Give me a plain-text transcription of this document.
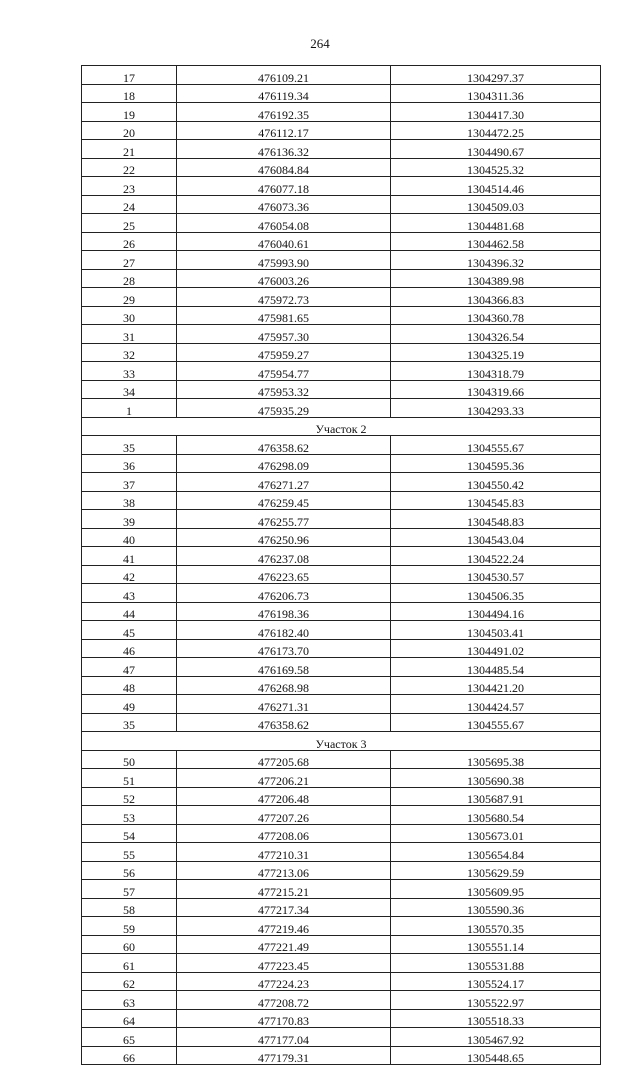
264
17	476109.21	1304297.37
18	476119.34	1304311.36
19	476192.35	1304417.30
20	476112.17	1304472.25
21	476136.32	1304490.67
22	476084.84	1304525.32
23	476077.18	1304514.46
24	476073.36	1304509.03
25	476054.08	1304481.68
26	476040.61	1304462.58
27	475993.90	1304396.32
28	476003.26	1304389.98
29	475972.73	1304366.83
30	475981.65	1304360.78
31	475957.30	1304326.54
32	475959.27	1304325.19
33	475954.77	1304318.79
34	475953.32	1304319.66
1	475935.29	1304293.33
Участок 2		
35	476358.62	1304555.67
36	476298.09	1304595.36
37	476271.27	1304550.42
38	476259.45	1304545.83
39	476255.77	1304548.83
40	476250.96	1304543.04
41	476237.08	1304522.24
42	476223.65	1304530.57
43	476206.73	1304506.35
44	476198.36	1304494.16
45	476182.40	1304503.41
46	476173.70	1304491.02
47	476169.58	1304485.54
48	476268.98	1304421.20
49	476271.31	1304424.57
35	476358.62	1304555.67
Участок 3		
50	477205.68	1305695.38
51	477206.21	1305690.38
52	477206.48	1305687.91
53	477207.26	1305680.54
54	477208.06	1305673.01
55	477210.31	1305654.84
56	477213.06	1305629.59
57	477215.21	1305609.95
58	477217.34	1305590.36
59	477219.46	1305570.35
60	477221.49	1305551.14
61	477223.45	1305531.88
62	477224.23	1305524.17
63	477208.72	1305522.97
64	477170.83	1305518.33
65	477177.04	1305467.92
66	477179.31	1305448.65
